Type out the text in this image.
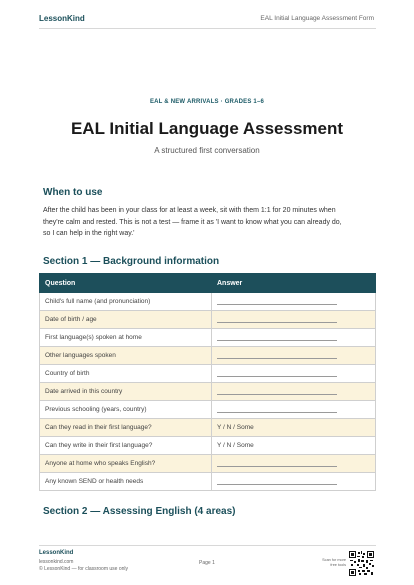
LessonKind	EAL Initial Language Assessment Form
EAL & NEW ARRIVALS · GRADES 1–6
EAL Initial Language Assessment
A structured first conversation
When to use
After the child has been in your class for at least a week, sit with them 1:1 for 20 minutes when
they're calm and rested. This is not a test — frame it as 'I want to know what you can already do,
so I can help in the right way.'
Section 1 — Background information
Question	Answer
Child's full name (and pronunciation)	
Date of birth / age	
First language(s) spoken at home	
Other languages spoken	
Country of birth	
Date arrived in this country	
Previous schooling (years, country)	
Can they read in their first language?	Y / N / Some
Can they write in their first language?	Y / N / Some
Anyone at home who speaks English?	
Any known SEND or health needs	
Section 2 — Assessing English (4 areas)
LessonKind
lessonkind.com
© LessonKind — for classroom use only
Page 1	Scan for more free tools
